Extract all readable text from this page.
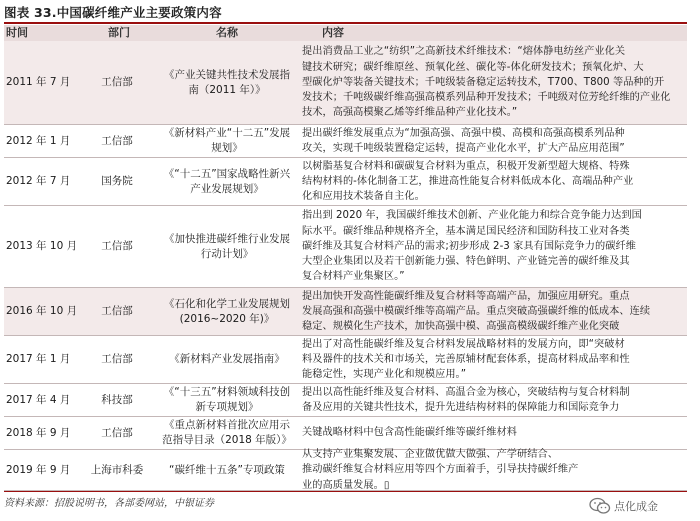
图表 33.中国碳纤维产业主要政策内容
时间	部门	名称	内容
2011 年 7 月	工信部
《产业关键共性技术发展指
南（2011 年）》
提出消费品工业之“纺织”之高新技术纤维技术：“熔体静电纺丝产业化关
键技术研究；碳纤维原丝、预氧化丝、碳化等-体化研发技术；预氧化炉、大
型碳化炉等装备关键技术；千吨级装备稳定运转技术，T700、T800 等品种的开
发技术；千吨级碳纤维高强高模系列品种开发技术；千吨级对位芳纶纤维的产业化
技术，高强高模聚乙烯等纤维品种产业化技术。”
2012 年 1 月	工信部
《新材料产业“十二五”发展
规划》
提出碳纤维发展重点为“加强高强、高强中模、高模和高强高模系列品种
攻关，实现千吨级装置稳定运转，提高产业化水平，扩大产品应用范围”
2012 年 7 月	国务院
《“十二五”国家战略性新兴
产业发展规划》
以树脂基复合材料和碳碳复合材料为重点，积极开发新型超大规格、特殊
结构材料的-体化制备工艺，推进高性能复合材料低成本化、高端品种产业
化和应用技术装备自主化。
2013 年 10 月	工信部
《加快推进碳纤维行业发展
行动计划》
指出到 2020 年，我国碳纤维技术创新、产业化能力和综合竞争能力达到国
际水平。碳纤维品种规格齐全，基本满足国民经济和国防科技工业对各类
碳纤维及其复合材料产品的需求;初步形成 2-3 家具有国际竞争力的碳纤维
大型企业集团以及若干创新能力强、特色鲜明、产业链完善的碳纤维及其
复合材料产业集聚区。”
2016 年 10 月	工信部
《石化和化学工业发展规划
(2016~2020 年)》
提出加快开发高性能碳纤维及复合材料等高端产品，加强应用研究。重点
发展高强和高强中模碳纤维等高端产品。重点突破高强碳纤维的低成本、连续
稳定、规模化生产技术，加快高强中模、高强高模级碳纤维产业化突破
2017 年 1 月	工信部	《新材料产业发展指南》
提出了对高性能碳纤维及复合材料发展战略材料的发展方向，即“突破材
料及器件的技术关和市场关，完善原辅材配套体系，提高材料成品率和性
能稳定性，实现产业化和规模应用。”
2017 年 4 月	科技部
《“十三五”材料领域科技创
新专项规划》
提出以高性能纤维及复合材料、高温合金为核心，突破结构与复合材料制
备及应用的关键共性技术，提升先进结构材料的保障能力和国际竞争力
2018 年 9 月	工信部
《重点新材料首批次应用示
范指导目录（2018 年版）》
关键战略材料中包含高性能碳纤维等碳纤维材料
2019 年 9 月	上海市科委	“碳纤维十五条”专项政策
从支持产业集聚发展、企业做优做大做强、产学研结合、
推动碳纤维复合材料应用等四个方面着手，引导扶持碳纤维产
业的高质量发展。▯
资料来源：招股说明书，各部委网站，中银证券	点化成金
